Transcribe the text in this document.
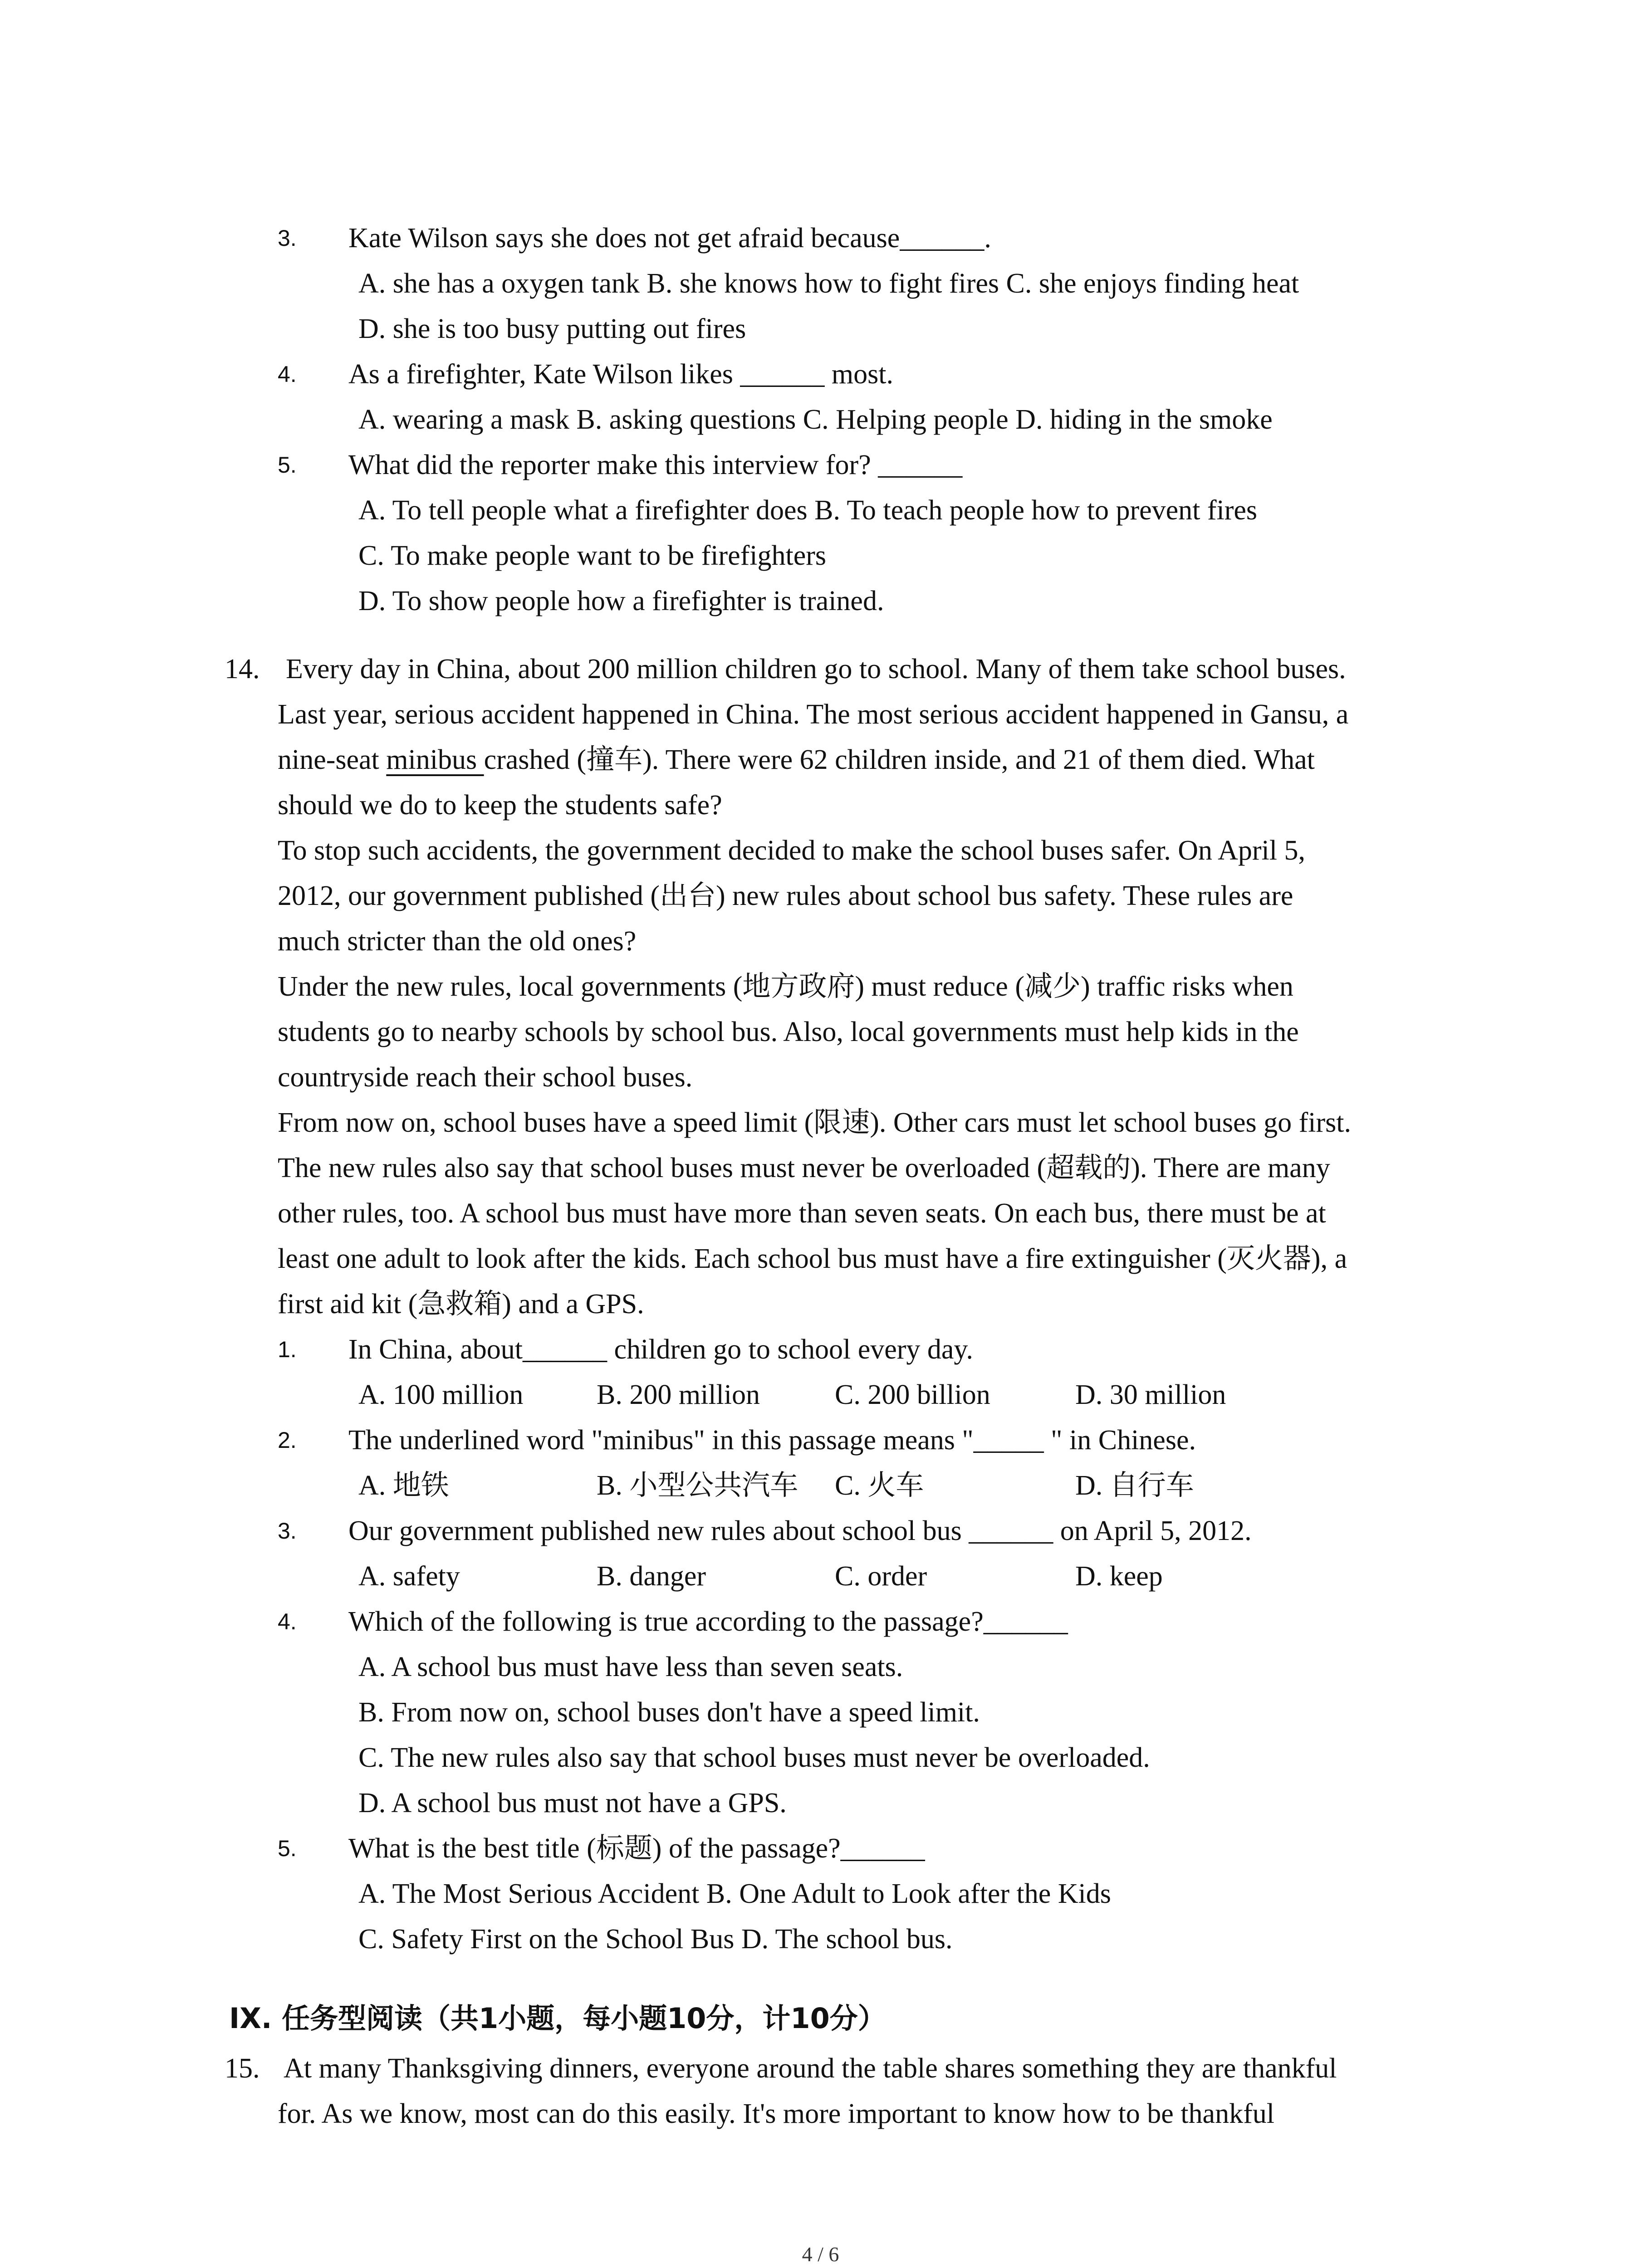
3. Kate Wilson says she does not get afraid because______.
A. she has a oxygen tank B. she knows how to fight fires C. she enjoys finding heat
D. she is too busy putting out fires
4. As a firefighter, Kate Wilson likes ______ most.
A. wearing a mask B. asking questions C. Helping people D. hiding in the smoke
5. What did the reporter make this interview for? ______
A. To tell people what a firefighter does B. To teach people how to prevent fires
C. To make people want to be firefighters
D. To show people how a firefighter is trained.
14. Every day in China, about 200 million children go to school. Many of them take school buses.
Last year, serious accident happened in China. The most serious accident happened in Gansu, a
nine-seat minibus crashed (撞车). There were 62 children inside, and 21 of them died. What
should we do to keep the students safe?
To stop such accidents, the government decided to make the school buses safer. On April 5,
2012, our government published (出台) new rules about school bus safety. These rules are
much stricter than the old ones?
Under the new rules, local governments (地方政府) must reduce (减少) traffic risks when
students go to nearby schools by school bus. Also, local governments must help kids in the
countryside reach their school buses.
From now on, school buses have a speed limit (限速). Other cars must let school buses go first.
The new rules also say that school buses must never be overloaded (超载的). There are many
other rules, too. A school bus must have more than seven seats. On each bus, there must be at
least one adult to look after the kids. Each school bus must have a fire extinguisher (灭火器), a
first aid kit (急救箱) and a GPS.
1. In China, about______ children go to school every day.
A. 100 million	B. 200 million	C. 200 billion	D. 30 million
2. The underlined word "minibus" in this passage means "_____ " in Chinese.
A. 地铁	B. 小型公共汽车 C. 火车	D. 自行车
3. Our government published new rules about school bus ______ on April 5, 2012.
A. safety	B. danger	C. order	D. keep
4. Which of the following is true according to the passage?______
A. A school bus must have less than seven seats.
B. From now on, school buses don't have a speed limit.
C. The new rules also say that school buses must never be overloaded.
D. A school bus must not have a GPS.
5. What is the best title (标题) of the passage?______
A. The Most Serious Accident B. One Adult to Look after the Kids
C. Safety First on the School Bus D. The school bus.
IX. 任务型阅读（共1小题，每小题10分，计10分）
15. At many Thanksgiving dinners, everyone around the table shares something they are thankful
for. As we know, most can do this easily. It's more important to know how to be thankful
4 / 6
